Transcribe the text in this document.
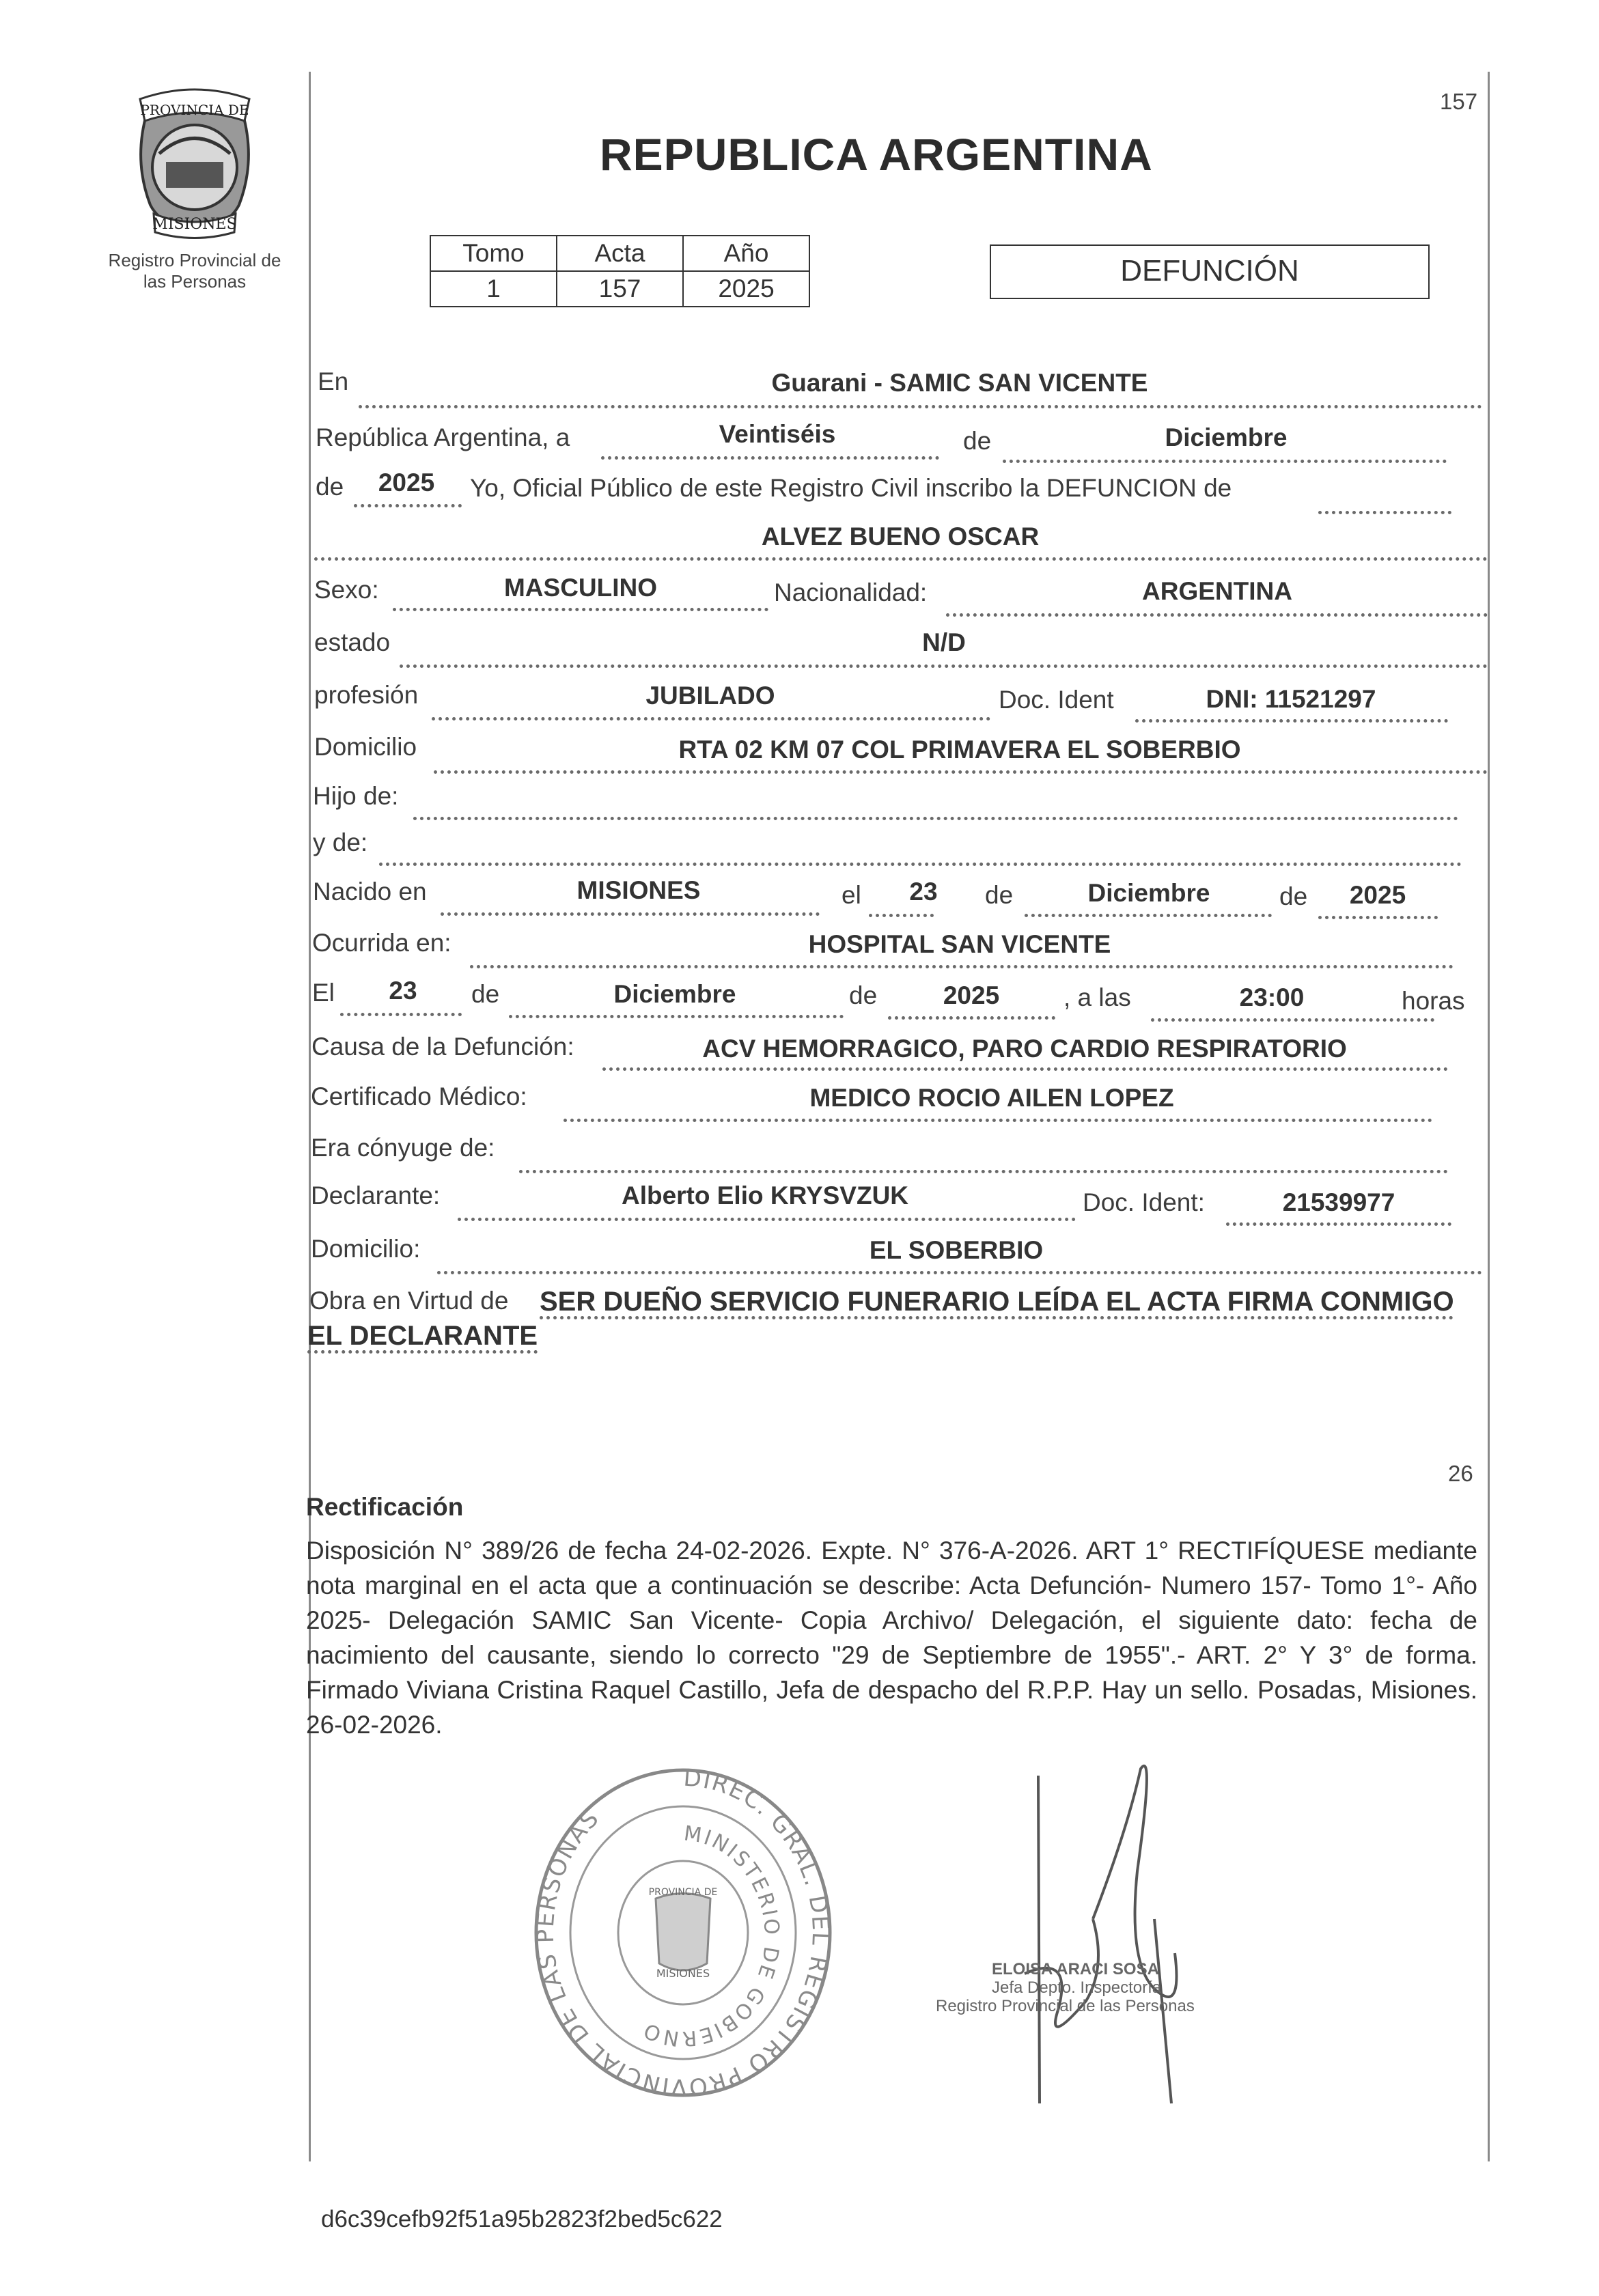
PROVINCIA DE
MISIONES
Registro Provincial de
las Personas
157
REPUBLICA ARGENTINA
Tomo	Acta	Año
1	157	2025
DEFUNCIÓN
En	Guarani - SAMIC SAN VICENTE
República Argentina, a	Veintiséis	de	Diciembre
de 2025 Yo, Oficial Público de este Registro Civil inscribo la DEFUNCION de
ALVEZ BUENO OSCAR
Sexo:	MASCULINO	Nacionalidad:	ARGENTINA
estado	N/D
profesión	JUBILADO	Doc. Ident	DNI: 11521297
Domicilio	RTA 02 KM 07 COL PRIMAVERA EL SOBERBIO
Hijo de:
y de:
Nacido en	MISIONES	el 23 de	Diciembre	de 2025
Ocurrida en:	HOSPITAL SAN VICENTE
El 23 de	Diciembre	de	2025	, a las	23:00	horas
Causa de la Defunción:	ACV HEMORRAGICO, PARO CARDIO RESPIRATORIO
Certificado Médico:	MEDICO ROCIO AILEN LOPEZ
Era cónyuge de:
Declarante:	Alberto Elio KRYSVZUK	Doc. Ident:	21539977
Domicilio:	EL SOBERBIO
Obra en Virtud de SER DUEÑO SERVICIO FUNERARIO LEÍDA EL ACTA FIRMA CONMIGO
EL DECLARANTE
26
Rectificación
Disposición N° 389/26 de fecha 24-02-2026. Expte. N° 376-A-2026. ART 1° RECTIFÍQUESE mediante nota marginal en el acta que a continuación se describe: Acta Defunción- Numero 157- Tomo 1°- Año 2025- Delegación SAMIC San Vicente- Copia Archivo/ Delegación, el siguiente dato: fecha de nacimiento del causante, siendo lo correcto "29 de Septiembre de 1955".- ART. 2° Y 3° de forma. Firmado Viviana Cristina Raquel Castillo, Jefa de despacho del R.P.P. Hay un sello. Posadas, Misiones. 26-02-2026.
DIREC. GRAL. DEL REGISTRO PROVINCIAL DE LAS PERSONAS	MINISTERIO DE GOBIERNO
PROVINCIA DE
MISIONES	ELOISA ARACI SOSA
Jefa Depto. Inspectoría
Registro Provincial de las Personas
d6c39cefb92f51a95b2823f2bed5c622
